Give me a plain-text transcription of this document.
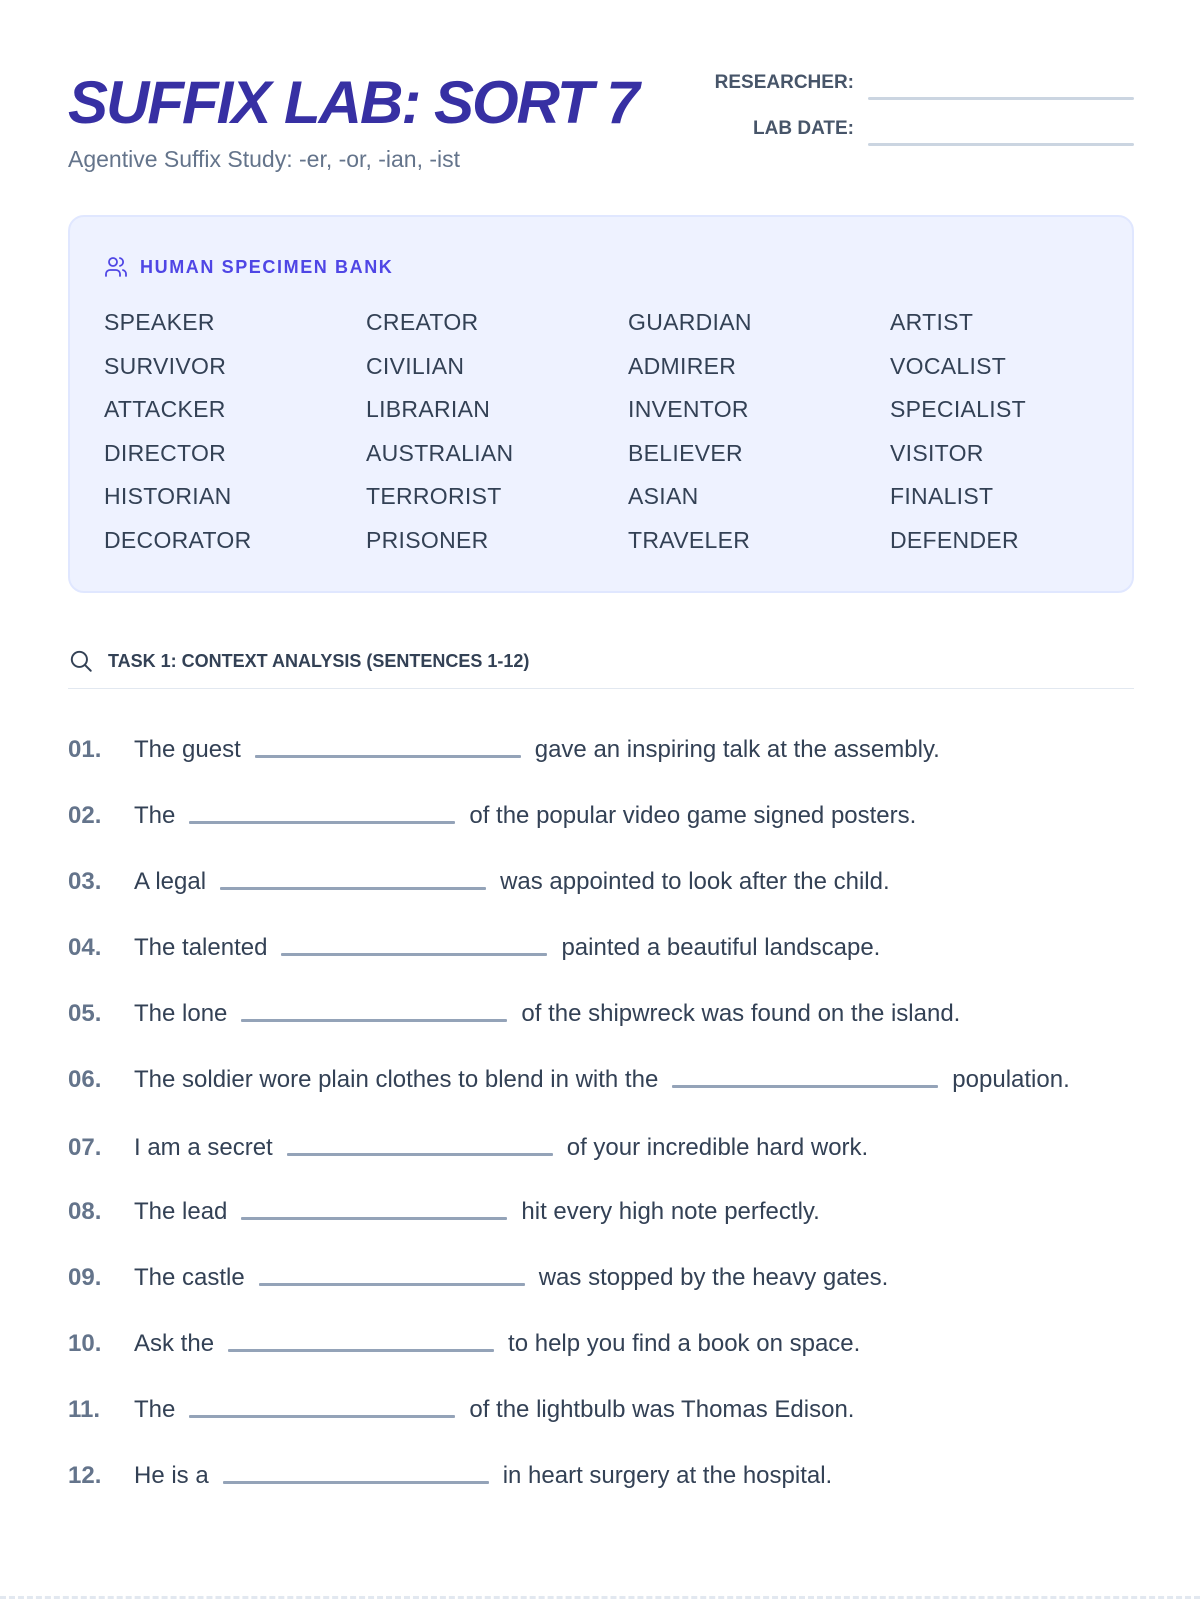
SUFFIX LAB: SORT 7
Agentive Suffix Study: -er, -or, -ian, -ist
RESEARCHER:
LAB DATE:
HUMAN SPECIMEN BANK
SPEAKER	CREATOR	GUARDIAN	ARTIST
SURVIVOR	CIVILIAN	ADMIRER	VOCALIST
ATTACKER	LIBRARIAN	INVENTOR	SPECIALIST
DIRECTOR	AUSTRALIAN	BELIEVER	VISITOR
HISTORIAN	TERRORIST	ASIAN	FINALIST
DECORATOR	PRISONER	TRAVELER	DEFENDER
TASK 1: CONTEXT ANALYSIS (SENTENCES 1-12)
01.	The guest	gave an inspiring talk at the assembly.
02.	The	of the popular video game signed posters.
03.	A legal	was appointed to look after the child.
04.	The talented	painted a beautiful landscape.
05.	The lone	of the shipwreck was found on the island.
06.	The soldier wore plain clothes to blend in with the	population.
07.	I am a secret	of your incredible hard work.
08.	The lead	hit every high note perfectly.
09.	The castle	was stopped by the heavy gates.
10.	Ask the	to help you find a book on space.
11.	The	of the lightbulb was Thomas Edison.
12.	He is a	in heart surgery at the hospital.
